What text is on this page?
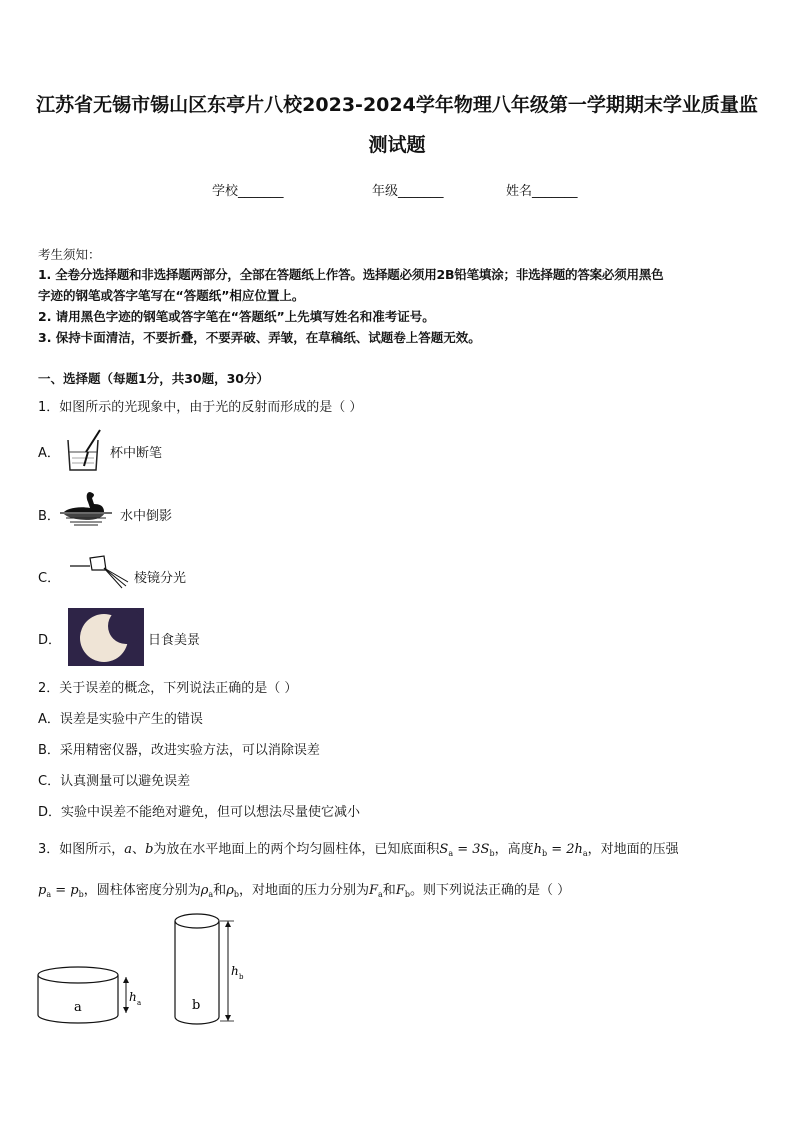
江苏省无锡市锡山区东亭片八校2023-2024学年物理八年级第一学期期末学业质量监
测试题
学校_______	年级_______	姓名_______
考生须知：
1. 全卷分选择题和非选择题两部分，全部在答题纸上作答。选择题必须用2B铅笔填涂；非选择题的答案必须用黑色
字迹的钢笔或答字笔写在“答题纸”相应位置上。
2. 请用黑色字迹的钢笔或答字笔在“答题纸”上先填写姓名和准考证号。
3. 保持卡面清洁，不要折叠，不要弄破、弄皱，在草稿纸、试题卷上答题无效。
一、选择题（每题1分，共30题，30分）
1．如图所示的光现象中，由于光的反射而形成的是（ ）
A．	杯中断笔
B．	水中倒影
C．	棱镜分光
D．	日食美景
2．关于误差的概念，下列说法正确的是（ ）
A．误差是实验中产生的错误
B．采用精密仪器，改进实验方法，可以消除误差
C．认真测量可以避免误差
D．实验中误差不能绝对避免，但可以想法尽量使它减小
3．如图所示，a、b为放在水平地面上的两个均匀圆柱体，已知底面积$S_a = 3S_b$，高度$h_b = 2h_a$，对地面的压强
$p_a = p_b$，圆柱体密度分别为$\rho_a$和$\rho_b$，对地面的压力分别为$F_a$和$F_b$。则下列说法正确的是（ ）
a
h a	b
h b
